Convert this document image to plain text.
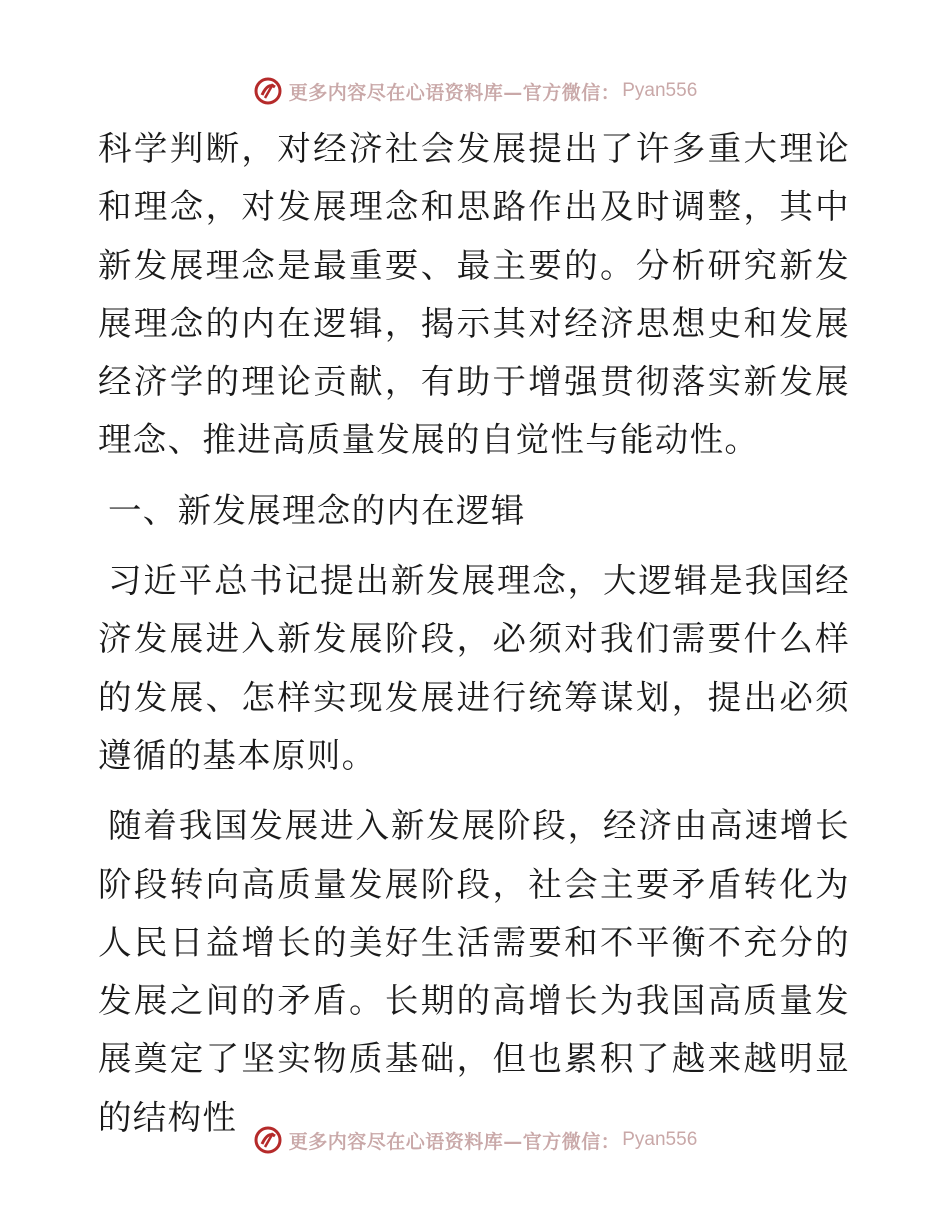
更多内容尽在心语资料库—官方微信： Pyan556

科学判断，对经济社会发展提出了许多重大理论和理念，对发展理念和思路作出及时调整，其中新发展理念是最重要、最主要的。分析研究新发展理念的内在逻辑，揭示其对经济思想史和发展经济学的理论贡献，有助于增强贯彻落实新发展理念、推进高质量发展的自觉性与能动性。

一、新发展理念的内在逻辑

习近平总书记提出新发展理念，大逻辑是我国经济发展进入新发展阶段，必须对我们需要什么样的发展、怎样实现发展进行统筹谋划，提出必须遵循的基本原则。

随着我国发展进入新发展阶段，经济由高速增长阶段转向高质量发展阶段，社会主要矛盾转化为人民日益增长的美好生活需要和不平衡不充分的发展之间的矛盾。长期的高增长为我国高质量发展奠定了坚实物质基础，但也累积了越来越明显的结构性

更多内容尽在心语资料库—官方微信： Pyan556
